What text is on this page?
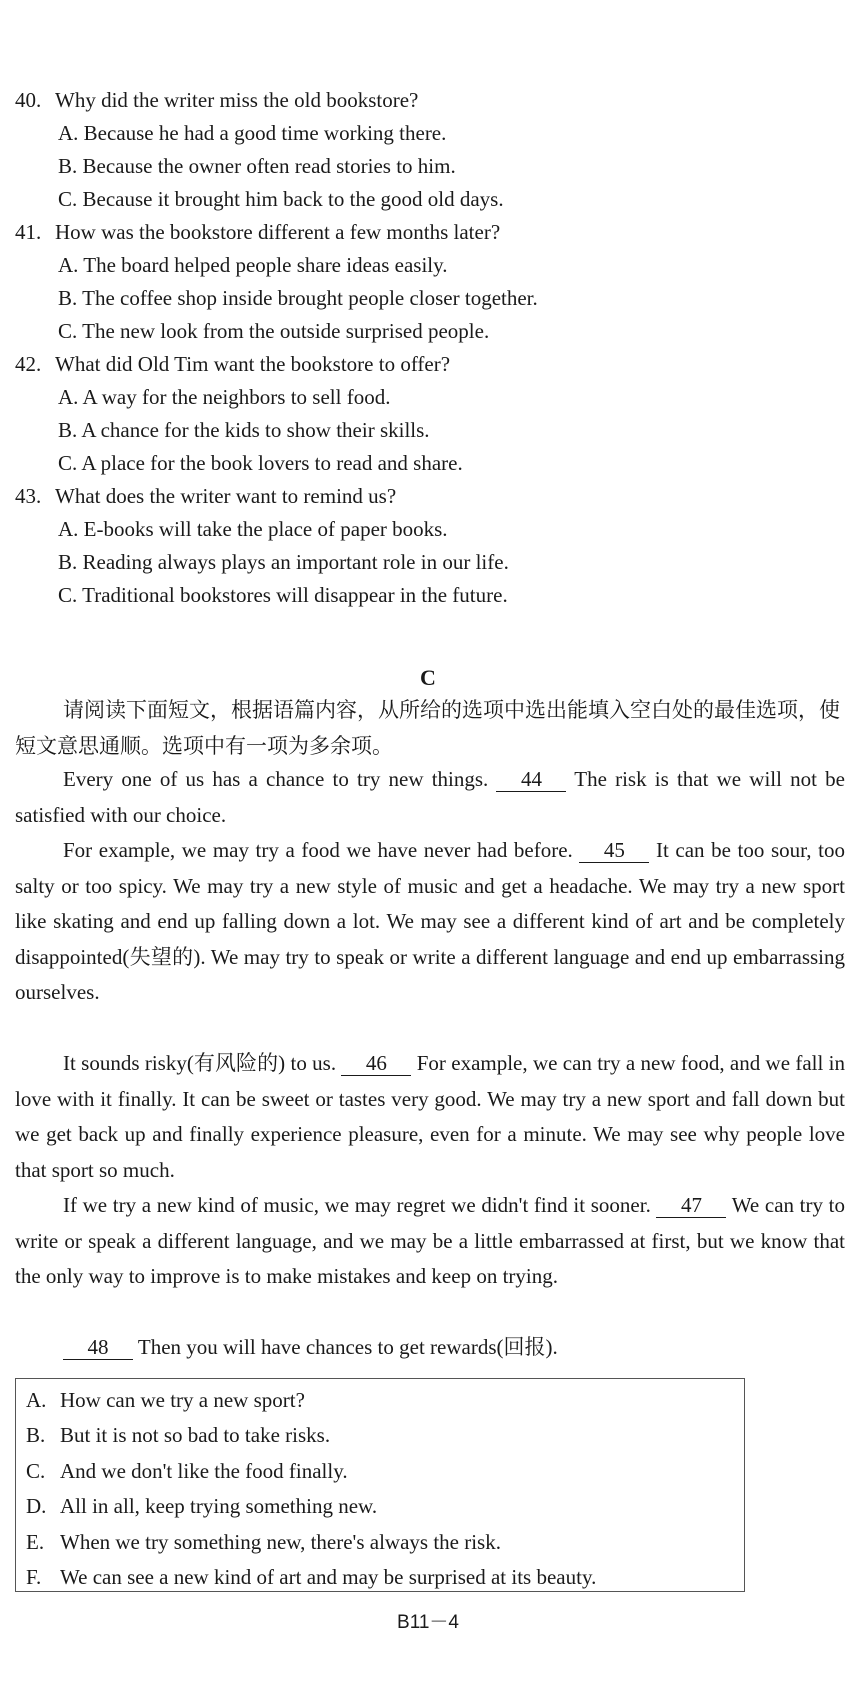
40. Why did the writer miss the old bookstore?
A. Because he had a good time working there.
B. Because the owner often read stories to him.
C. Because it brought him back to the good old days.
41. How was the bookstore different a few months later?
A. The board helped people share ideas easily.
B. The coffee shop inside brought people closer together.
C. The new look from the outside surprised people.
42. What did Old Tim want the bookstore to offer?
A. A way for the neighbors to sell food.
B. A chance for the kids to show their skills.
C. A place for the book lovers to read and share.
43. What does the writer want to remind us?
A. E-books will take the place of paper books.
B. Reading always plays an important role in our life.
C. Traditional bookstores will disappear in the future.
C
请阅读下面短文，根据语篇内容，从所给的选项中选出能填入空白处的最佳选项，使短文意思通顺。选项中有一项为多余项。
Every one of us has a chance to try new things. 44 The risk is that we will not be satisfied with our choice.
For example, we may try a food we have never had before. 45 It can be too sour, too salty or too spicy. We may try a new style of music and get a headache. We may try a new sport like skating and end up falling down a lot. We may see a different kind of art and be completely disappointed(失望的). We may try to speak or write a different language and end up embarrassing ourselves.
It sounds risky(有风险的) to us. 46 For example, we can try a new food, and we fall in love with it finally. It can be sweet or tastes very good. We may try a new sport and fall down but we get back up and finally experience pleasure, even for a minute. We may see why people love that sport so much.
If we try a new kind of music, we may regret we didn't find it sooner. 47 We can try to write or speak a different language, and we may be a little embarrassed at first, but we know that the only way to improve is to make mistakes and keep on trying.
48 Then you will have chances to get rewards(回报).
A. How can we try a new sport?
B. But it is not so bad to take risks.
C. And we don't like the food finally.
D. All in all, keep trying something new.
E. When we try something new, there's always the risk.
F. We can see a new kind of art and may be surprised at its beauty.
B11－4
